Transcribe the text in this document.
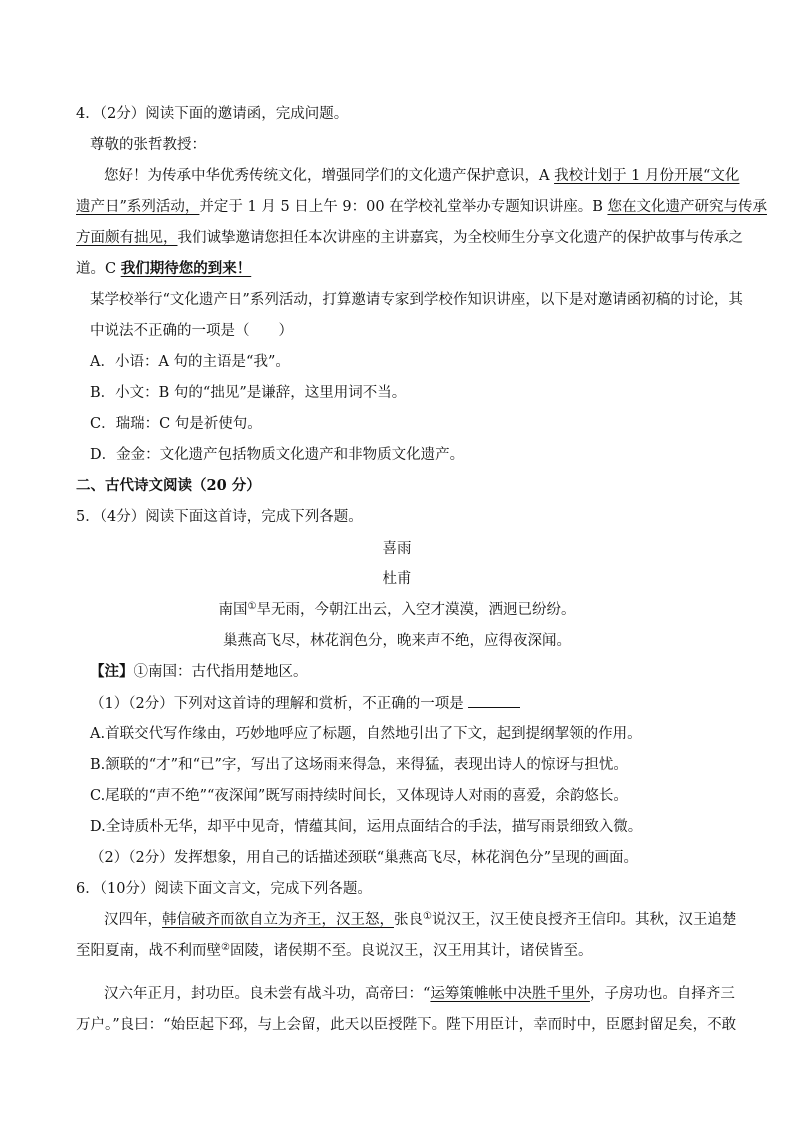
4．（2分）阅读下面的邀请函，完成问题。
尊敬的张哲教授：
您好！为传承中华优秀传统文化，增强同学们的文化遗产保护意识，A 我校计划于 1 月份开展“文化
遗产日”系列活动，并定于 1 月 5 日上午 9：00 在学校礼堂举办专题知识讲座。B 您在文化遗产研究与传承
方面颇有拙见，我们诚挚邀请您担任本次讲座的主讲嘉宾，为全校师生分享文化遗产的保护故事与传承之
道。C 我们期待您的到来！
某学校举行“文化遗产日”系列活动，打算邀请专家到学校作知识讲座，以下是对邀请函初稿的讨论，其
中说法不正确的一项是（　　）
A．小语：A 句的主语是“我”。
B．小文：B 句的“拙见”是谦辞，这里用词不当。
C．瑞瑞：C 句是祈使句。
D．金金：文化遗产包括物质文化遗产和非物质文化遗产。
二、古代诗文阅读（20 分）
5．（4分）阅读下面这首诗，完成下列各题。
喜雨
杜甫
南国①旱无雨，今朝江出云，入空才漠漠，洒迥已纷纷。
巢燕高飞尽，林花润色分，晚来声不绝，应得夜深闻。
【注】①南国：古代指用楚地区。
（1）（2分）下列对这首诗的理解和赏析，不正确的一项是
A.首联交代写作缘由，巧妙地呼应了标题，自然地引出了下文，起到提纲挈领的作用。
B.颔联的“才”和“已”字，写出了这场雨来得急，来得猛，表现出诗人的惊讶与担忧。
C.尾联的“声不绝”“夜深闻”既写雨持续时间长，又体现诗人对雨的喜爱，余韵悠长。
D.全诗质朴无华，却平中见奇，情蕴其间，运用点面结合的手法，描写雨景细致入微。
（2）（2分）发挥想象，用自己的话描述颈联“巢燕高飞尽，林花润色分”呈现的画面。
6．（10分）阅读下面文言文，完成下列各题。
汉四年，韩信破齐而欲自立为齐王，汉王怒，张良①说汉王，汉王使良授齐王信印。其秋，汉王追楚
至阳夏南，战不利而壁②固陵，诸侯期不至。良说汉王，汉王用其计，诸侯皆至。
汉六年正月，封功臣。良未尝有战斗功，高帝曰：“运筹策帷帐中决胜千里外，子房功也。自择齐三
万户。”良曰：“始臣起下邳，与上会留，此天以臣授陛下。陛下用臣计，幸而时中，臣愿封留足矣，不敢
